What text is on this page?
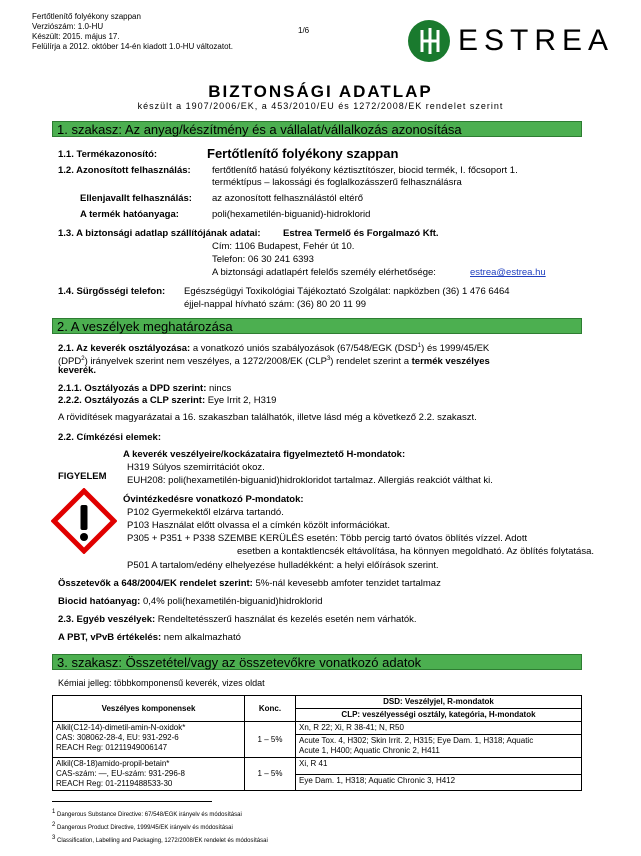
Fertőtlenítő folyékony szappan
Verziószám: 1.0-HU
Készült: 2015. május 17.
Felülírja a 2012. október 14-én kiadott 1.0-HU változatot.
1/6	ESTREA
BIZTONSÁGI ADATLAP
készült a 1907/2006/EK, a 453/2010/EU és 1272/2008/EK rendelet szerint
1. szakasz: Az anyag/készítmény és a vállalat/vállalkozás azonosítása
1.1. Termékazonosító:	Fertőtlenítő folyékony szappan
1.2. Azonosított felhasználás: fertőtlenítő hatású folyékony kéztisztítószer, biocid termék, I. főcsoport 1.
terméktípus – lakossági és foglalkozásszerű felhasználásra
Ellenjavallt felhasználás: az azonosított felhasználástól eltérő
A termék hatóanyaga:	poli(hexametilén-biguanid)-hidroklorid
1.3. A biztonsági adatlap szállítójának adatai: Estrea Termelő és Forgalmazó Kft.
Cím: 1106 Budapest, Fehér út 10.
Telefon: 06 30 241 6393
A biztonsági adatlapért felelős személy elérhetősége:	estrea@estrea.hu
1.4. Sürgősségi telefon: Egészségügyi Toxikológiai Tájékoztató Szolgálat: napközben (36) 1 476 6464
éjjel-nappal hívható szám: (36) 80 20 11 99
2. A veszélyek meghatározása
2.1. Az keverék osztályozása: a vonatkozó uniós szabályozások (67/548/EGK (DSD$^1$) és 1999/45/EK
(DPD$^2$) irányelvek szerint nem veszélyes, a 1272/2008/EK (CLP$^3$) rendelet szerint a termék veszélyes
keverék.
2.1.1. Osztályozás a DPD szerint: nincs
2.2.2. Osztályozás a CLP szerint: Eye Irrit 2, H319
A rövidítések magyarázatai a 16. szakaszban találhatók, illetve lásd még a következő 2.2. szakaszt.
2.2. Címkézési elemek:
A keverék veszélyeire/kockázataira figyelmeztető H-mondatok:
H319 Súlyos szemirritációt okoz.
FIGYELEM EUH208: poli(hexametilén-biguanid)hidrokloridot tartalmaz. Allergiás reakciót válthat ki.
Óvintézkedésre vonatkozó P-mondatok:
P102 Gyermekektől elzárva tartandó.
P103 Használat előtt olvassa el a címkén közölt információkat.
P305 + P351 + P338 SZEMBE KERÜLÉS esetén: Több percig tartó óvatos öblítés vízzel. Adott
esetben a kontaktlencsék eltávolítása, ha könnyen megoldható. Az öblítés folytatása.
P501 A tartalom/edény elhelyezése hulladékként: a helyi előírások szerint.
Összetevők a 648/2004/EK rendelet szerint: 5%-nál kevesebb amfoter tenzidet tartalmaz
Biocid hatóanyag: 0,4% poli(hexametilén-biguanid)hidroklorid
2.3. Egyéb veszélyek: Rendeltetésszerű használat és kezelés esetén nem várhatók.
A PBT, vPvB értékelés: nem alkalmazható
3. szakasz: Összetétel/vagy az összetevőkre vonatkozó adatok
Kémiai jelleg: többkomponensű keverék, vizes oldat
Veszélyes komponensek	Konc.	DSD: Veszélyjel, R-mondatok
		CLP: veszélyességi osztály, kategória, H-mondatok

Alkil(C12-14)-dimetil-amin-N-oxidok*
CAS: 308062-28-4, EU: 931-292-6
REACH Reg: 01211949006147	1 – 5%	Xn, R 22; Xi, R 38-41; N, R50

		Acute Tox. 4, H302; Skin Irrit. 2, H315; Eye Dam. 1, H318; Aquatic
Acute 1, H400; Aquatic Chronic 2, H411

Alkil(C8-18)amido-propil-betain*
CAS-szám: —, EU-szám: 931-296-8
REACH Reg: 01-2119488533-30	1 – 5%	Xi, R 41
		Eye Dam. 1, H318; Aquatic Chronic 3, H412
$^1$ Dangerous Substance Directive: 67/548/EGK irányelv és módosításai
$^2$ Dangerous Product Directive, 1999/45/EK irányelv és módosításai
$^3$ Classification, Labelling and Packaging, 1272/2008/EK rendelet és módosításai
